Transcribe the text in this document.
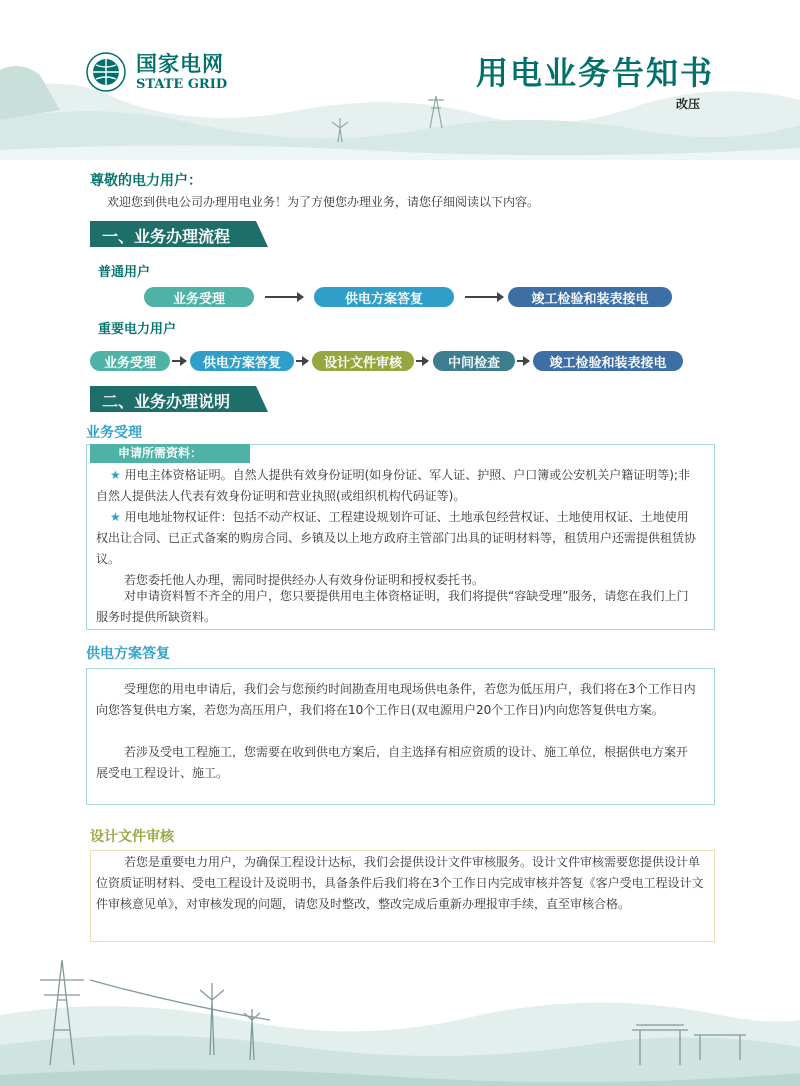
国家电网
STATE GRID	用电业务告知书
改压
尊敬的电力用户：
欢迎您到供电公司办理用电业务！为了方便您办理业务，请您仔细阅读以下内容。
一、业务办理流程
普通用户
业务受理	供电方案答复	竣工检验和装表接电
重要电力用户
业务受理	供电方案答复	设计文件审核	中间检查	竣工检验和装表接电
二、业务办理说明
业务受理
申请所需资料：

★ 用电主体资格证明。自然人提供有效身份证明(如身份证、军人证、护照、户口簿或公安机关户籍证明等);非自然人提供法人代表有效身份证明和营业执照(或组织机构代码证等)。

★ 用电地址物权证件：包括不动产权证、工程建设规划许可证、土地承包经营权证、土地使用权证、土地使用权出让合同、已正式备案的购房合同、乡镇及以上地方政府主管部门出具的证明材料等，租赁用户还需提供租赁协议。

若您委托他人办理，需同时提供经办人有效身份证明和授权委托书。

对申请资料暂不齐全的用户，您只要提供用电主体资格证明，我们将提供“容缺受理”服务，请您在我们上门服务时提供所缺资料。

供电方案答复

受理您的用电申请后，我们会与您预约时间勘查用电现场供电条件，若您为低压用户，我们将在3个工作日内向您答复供电方案，若您为高压用户，我们将在10个工作日(双电源用户20个工作日)内向您答复供电方案。

若涉及受电工程施工，您需要在收到供电方案后，自主选择有相应资质的设计、施工单位，根据供电方案开展受电工程设计、施工。

设计文件审核

若您是重要电力用户，为确保工程设计达标，我们会提供设计文件审核服务。设计文件审核需要您提供设计单位资质证明材料、受电工程设计及说明书，具备条件后我们将在3个工作日内完成审核并答复《客户受电工程设计文件审核意见单》，对审核发现的问题，请您及时整改，整改完成后重新办理报审手续，直至审核合格。
